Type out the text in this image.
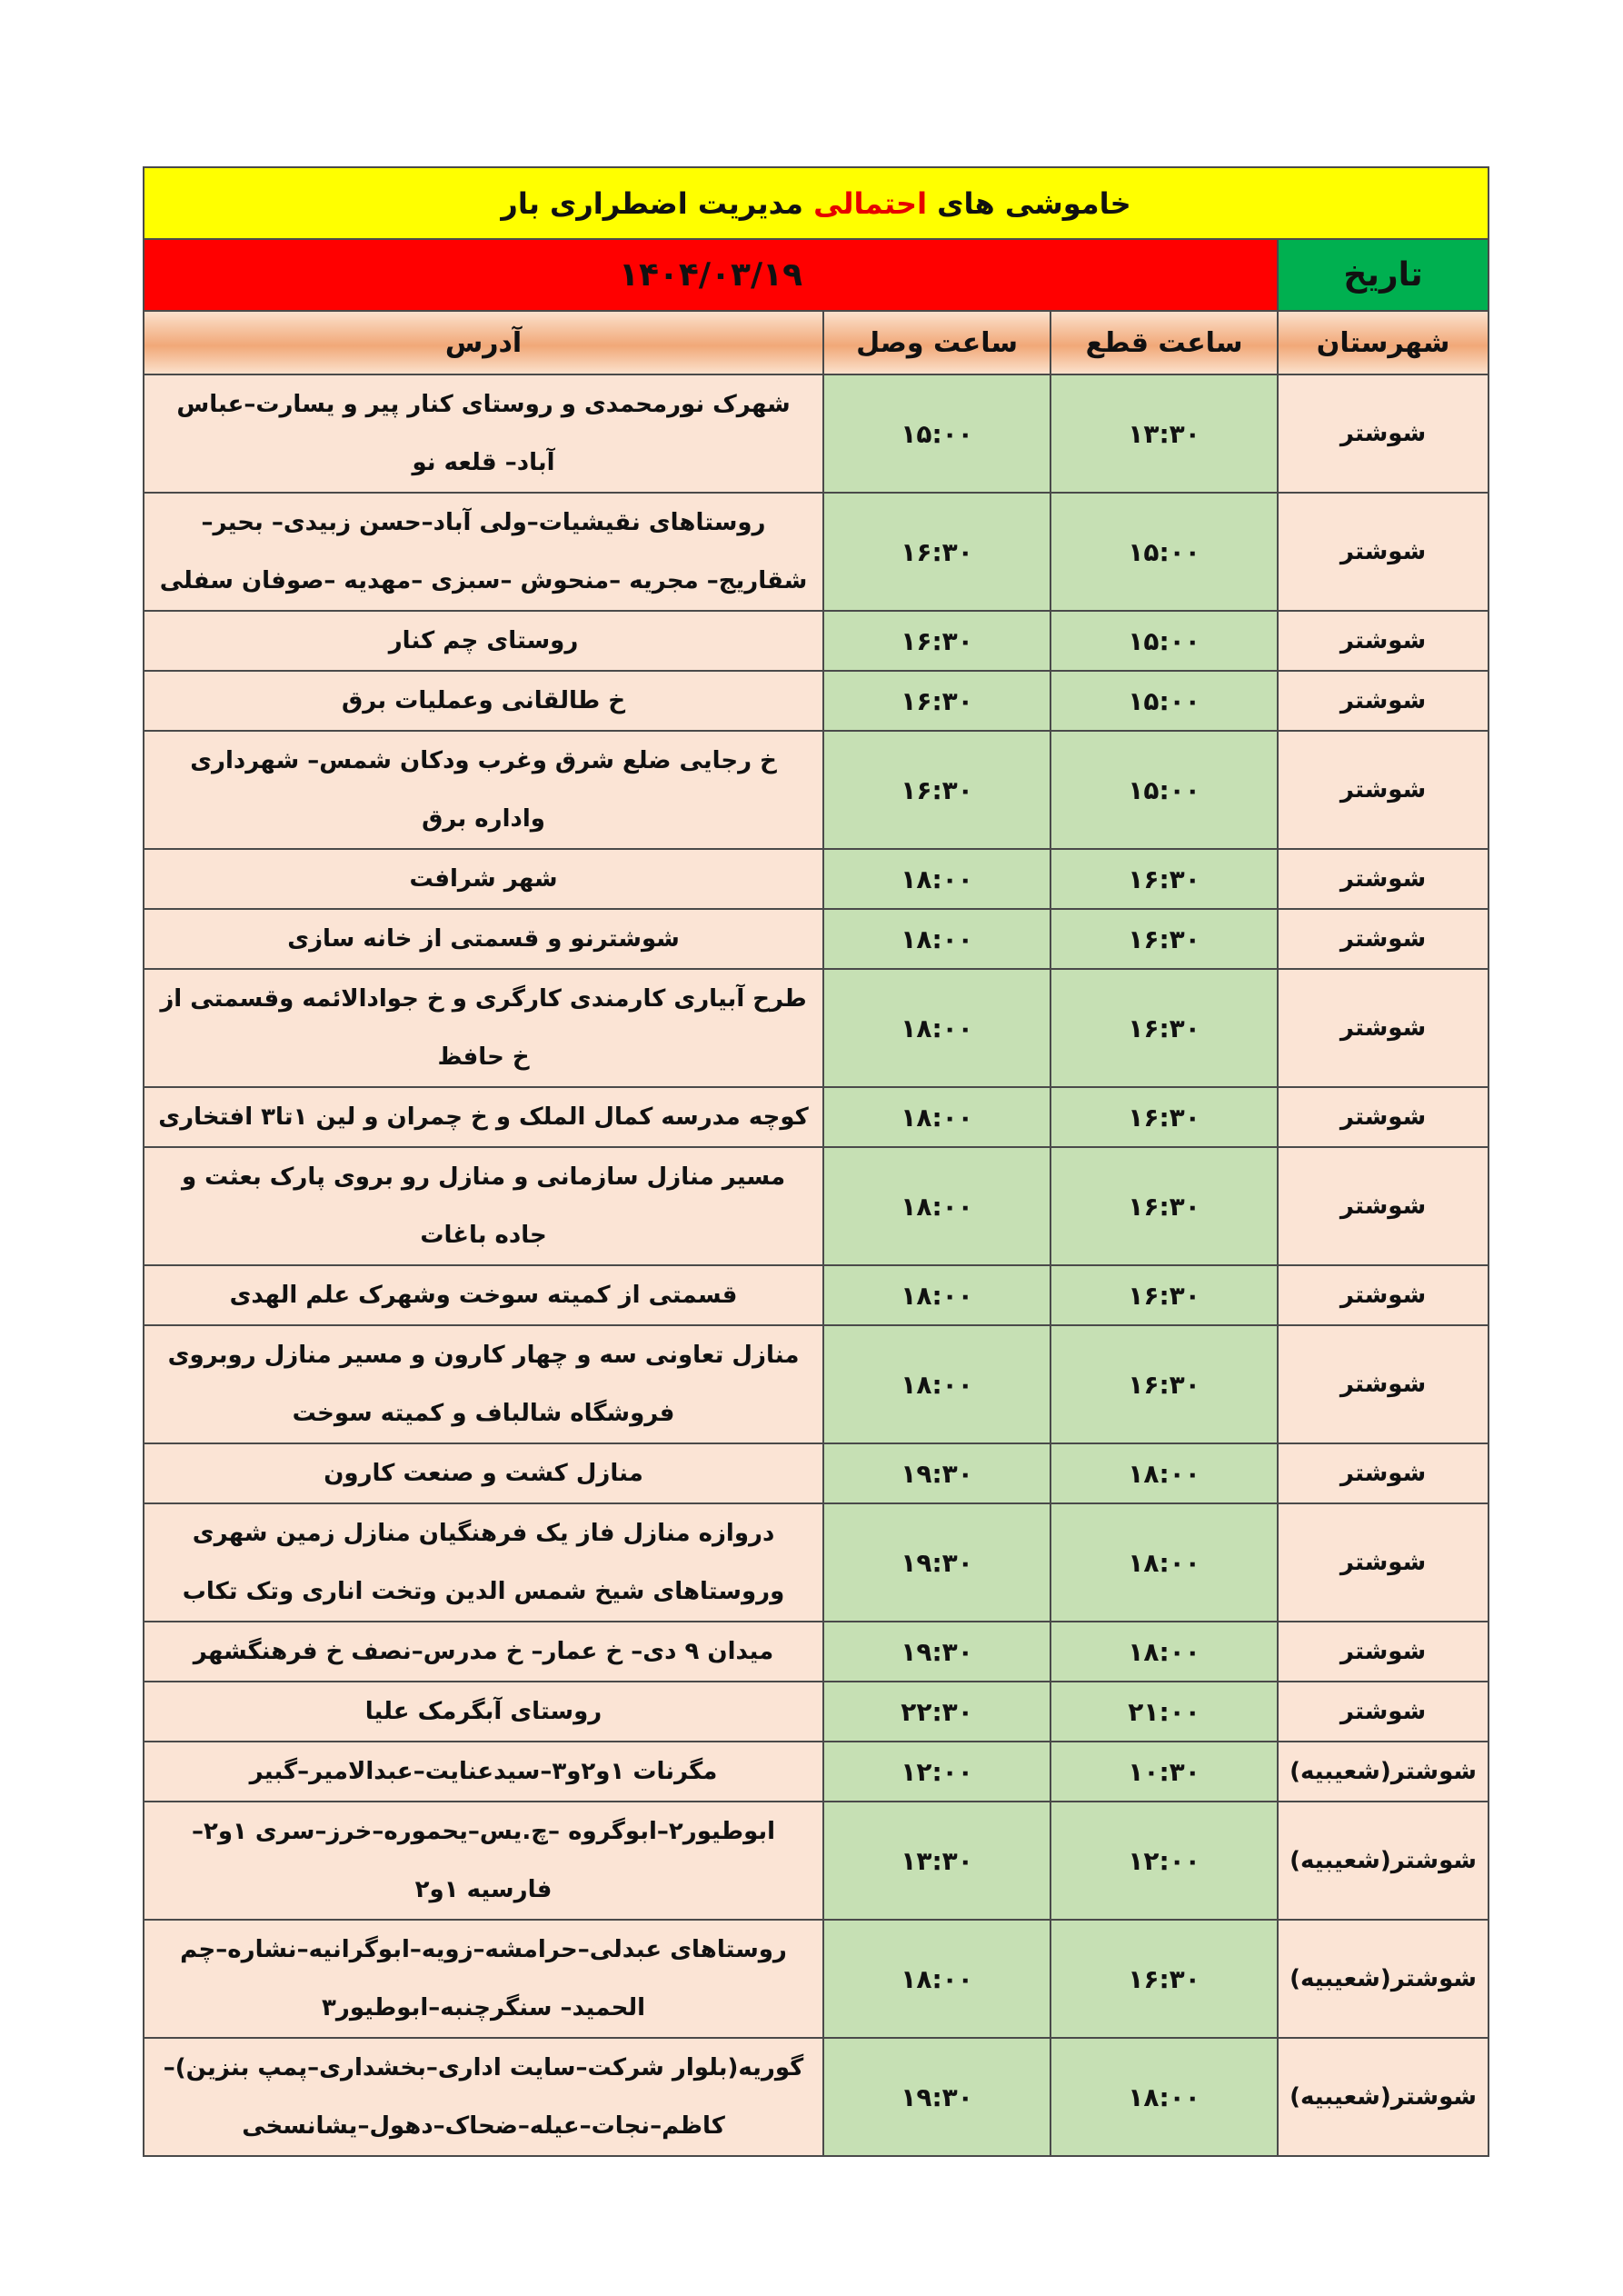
خاموشی های احتمالی مدیریت اضطراری بار			
تاریخ	۱۴۰۴/۰۳/۱۹		
شهرستان	ساعت قطع	ساعت وصل	آدرس
شوشتر	۱۳:۳۰	۱۵:۰۰	شهرک نورمحمدی و روستای کنار پیر و یسارت–عباس آباد– قلعه نو
شوشتر	۱۵:۰۰	۱۶:۳۰	روستاهای نقیشیات–ولی آباد–حسن زبیدی– بحیر–شقاریج– مجریه –منحوش –سبزی –مهدیه –صوفان سفلی
شوشتر	۱۵:۰۰	۱۶:۳۰	روستای چم کنار
شوشتر	۱۵:۰۰	۱۶:۳۰	خ طالقانی وعملیات برق
شوشتر	۱۵:۰۰	۱۶:۳۰	خ رجایی ضلع شرق وغرب ودکان شمس– شهرداری واداره برق
شوشتر	۱۶:۳۰	۱۸:۰۰	شهر شرافت
شوشتر	۱۶:۳۰	۱۸:۰۰	شوشترنو و قسمتی از خانه سازی
شوشتر	۱۶:۳۰	۱۸:۰۰	طرح آبیاری کارمندی کارگری و خ جوادالائمه وقسمتی از خ حافظ
شوشتر	۱۶:۳۰	۱۸:۰۰	کوچه مدرسه کمال الملک و خ چمران و لین ۱تا۳ افتخاری
شوشتر	۱۶:۳۰	۱۸:۰۰	مسیر منازل سازمانی و منازل رو بروی پارک بعثت و جاده باغات
شوشتر	۱۶:۳۰	۱۸:۰۰	قسمتی از کمیته سوخت وشهرک علم الهدی
شوشتر	۱۶:۳۰	۱۸:۰۰	منازل تعاونی سه و چهار کارون و مسیر منازل روبروی فروشگاه شالباف و کمیته سوخت
شوشتر	۱۸:۰۰	۱۹:۳۰	منازل کشت و صنعت کارون
شوشتر	۱۸:۰۰	۱۹:۳۰	دروازه منازل فاز یک فرهنگیان منازل زمین شهری وروستاهای شیخ شمس الدین وتخت اناری وتک تکاب
شوشتر	۱۸:۰۰	۱۹:۳۰	میدان ۹ دی– خ عمار– خ مدرس–نصف خ فرهنگشهر
شوشتر	۲۱:۰۰	۲۲:۳۰	روستای آبگرمک علیا
شوشتر(شعیبیه)	۱۰:۳۰	۱۲:۰۰	مگرنات ۱و۲و۳–سیدعنایت–عبدالامیر–گبیر
شوشتر(شعیبیه)	۱۲:۰۰	۱۳:۳۰	ابوطیور۲–ابوگروه –چ.یس–یحموره–خرز–سری ۱و۲– فارسیه ۱و۲
شوشتر(شعیبیه)	۱۶:۳۰	۱۸:۰۰	روستاهای عبدلی–حرامشه–زویه–ابوگرانیه–نشاره–چم الحمید– سنگرچنبه–ابوطیور۳
شوشتر(شعیبیه)	۱۸:۰۰	۱۹:۳۰	گوریه(بلوار شرکت–سایت اداری–بخشداری–پمپ بنزین)– کاظم–نجات–عیله–ضحاک–دهول–یشانسخی
